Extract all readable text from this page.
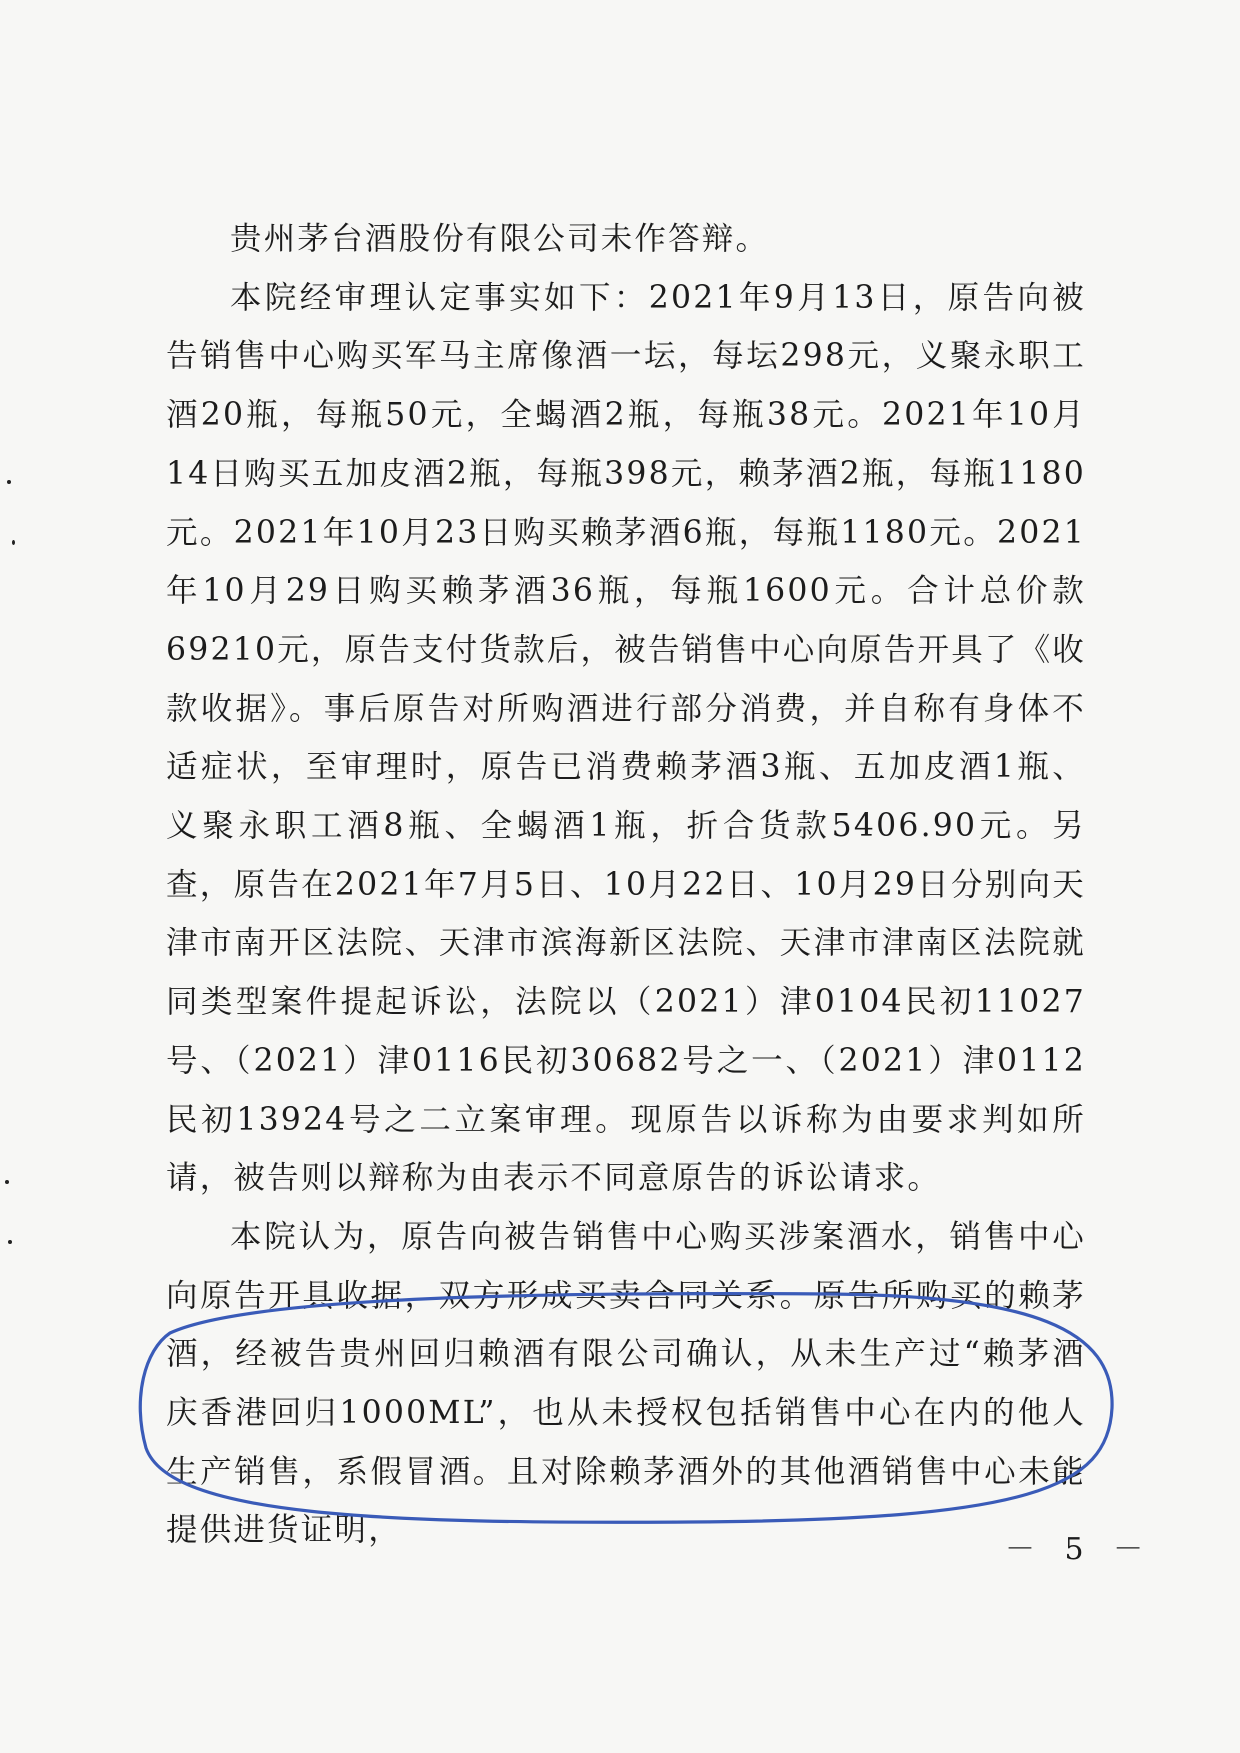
贵州茅台酒股份有限公司未作答辩。

本院经审理认定事实如下：2021年9月13日，原告向被告销售中心购买军马主席像酒一坛，每坛298元，义聚永职工酒20瓶，每瓶50元，全蝎酒2瓶，每瓶38元。2021年10月14日购买五加皮酒2瓶，每瓶398元，赖茅酒2瓶，每瓶1180元。2021年10月23日购买赖茅酒6瓶，每瓶1180元。2021年10月29日购买赖茅酒36瓶，每瓶1600元。合计总价款69210元，原告支付货款后，被告销售中心向原告开具了《收款收据》。事后原告对所购酒进行部分消费，并自称有身体不适症状，至审理时，原告已消费赖茅酒3瓶、五加皮酒1瓶、义聚永职工酒8瓶、全蝎酒1瓶，折合货款5406.90元。另查，原告在2021年7月5日、10月22日、10月29日分别向天津市南开区法院、天津市滨海新区法院、天津市津南区法院就同类型案件提起诉讼，法院以（2021）津0104民初11027号、（2021）津0116民初30682号之一、（2021）津0112民初13924号之二立案审理。现原告以诉称为由要求判如所请，被告则以辩称为由表示不同意原告的诉讼请求。

本院认为，原告向被告销售中心购买涉案酒水，销售中心向原告开具收据，双方形成买卖合同关系。原告所购买的赖茅酒，经被告贵州回归赖酒有限公司确认，从未生产过“赖茅酒庆香港回归1000ML”，也从未授权包括销售中心在内的他人生产销售，系假冒酒。且对除赖茅酒外的其他酒销售中心未能提供进货证明，

－ 5 －
